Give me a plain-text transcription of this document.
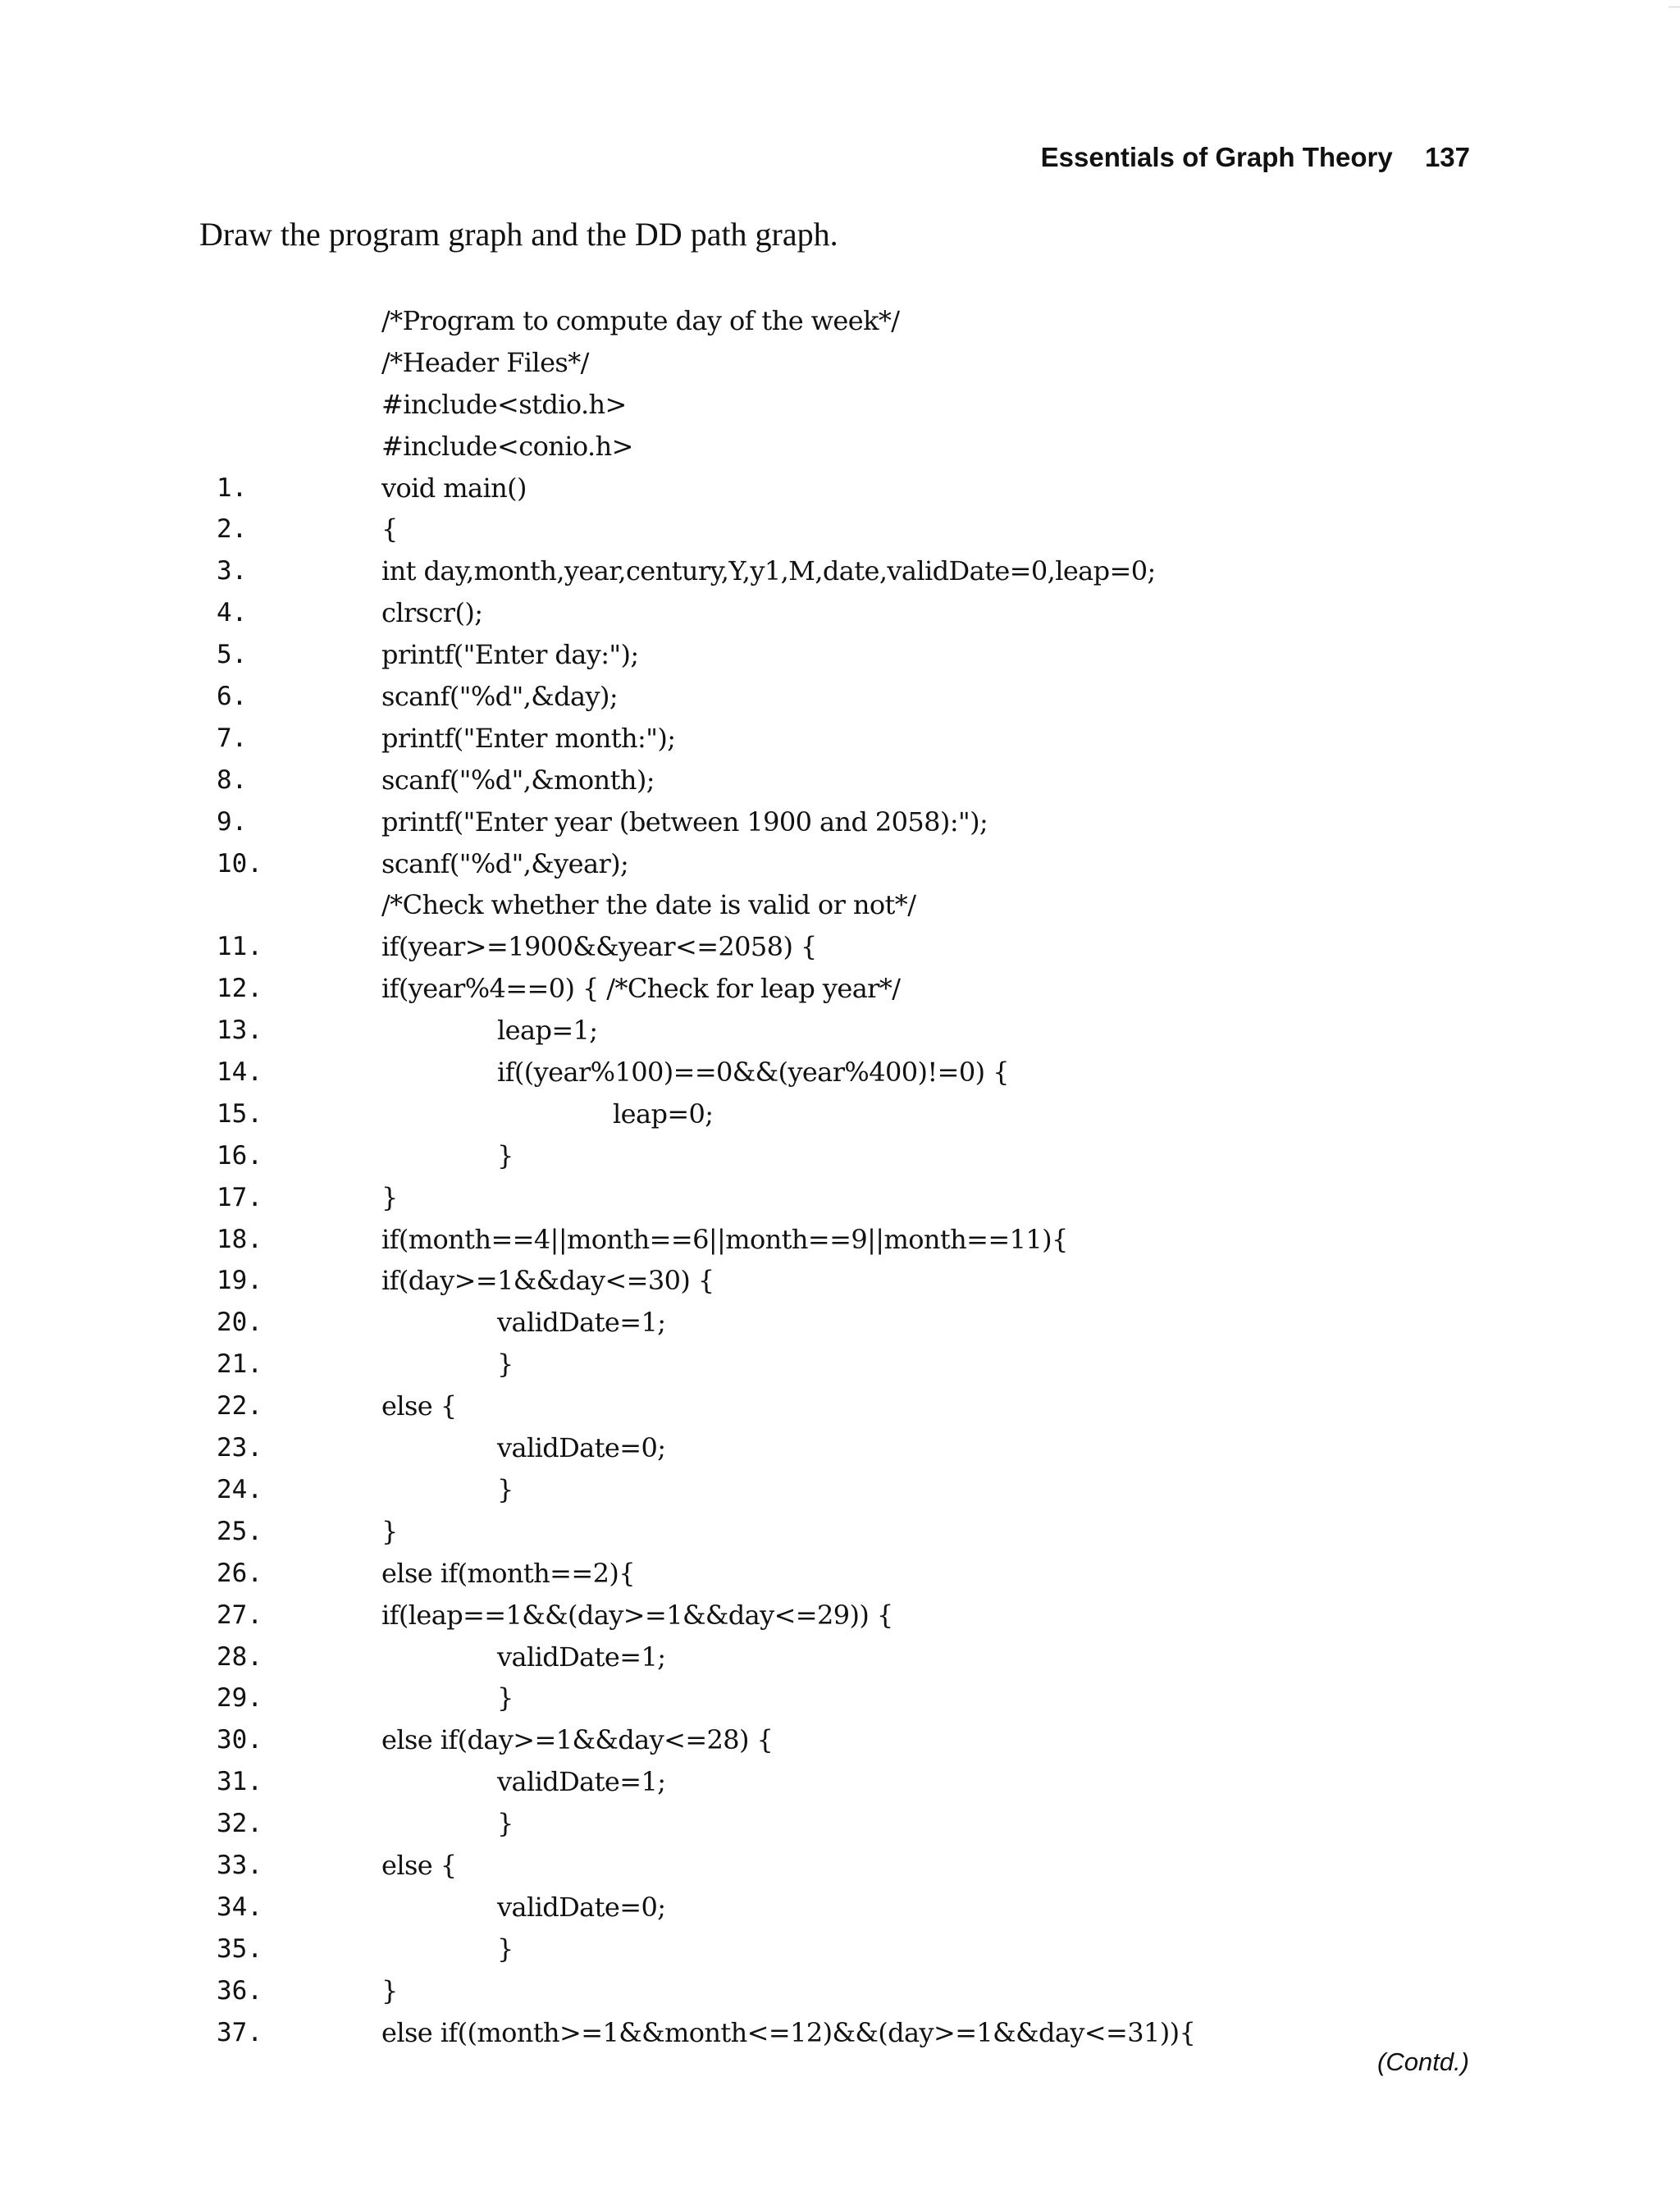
Essentials of Graph Theory 137
Draw the program graph and the DD path graph.
/*Program to compute day of the week*/
/*Header Files*/
#include<stdio.h>
#include<conio.h>
1.	void main()
2.	{
3.	int day,month,year,century,Y,y1,M,date,validDate=0,leap=0;
4.	clrscr();
5.	printf("Enter day:");
6.	scanf("%d",&day);
7.	printf("Enter month:");
8.	scanf("%d",&month);
9.	printf("Enter year (between 1900 and 2058):");
10.	scanf("%d",&year);
/*Check whether the date is valid or not*/
11.	if(year>=1900&&year<=2058) {
12.	if(year%4==0) { /*Check for leap year*/
13.	leap=1;
14.	if((year%100)==0&&(year%400)!=0) {
15.	leap=0;
16.	}
17.	}
18.	if(month==4||month==6||month==9||month==11){
19.	if(day>=1&&day<=30) {
20.	validDate=1;
21.	}
22.	else {
23.	validDate=0;
24.	}
25.	}
26.	else if(month==2){
27.	if(leap==1&&(day>=1&&day<=29)) {
28.	validDate=1;
29.	}
30.	else if(day>=1&&day<=28) {
31.	validDate=1;
32.	}
33.	else {
34.	validDate=0;
35.	}
36.	}
37.	else if((month>=1&&month<=12)&&(day>=1&&day<=31)){
(Contd.)
